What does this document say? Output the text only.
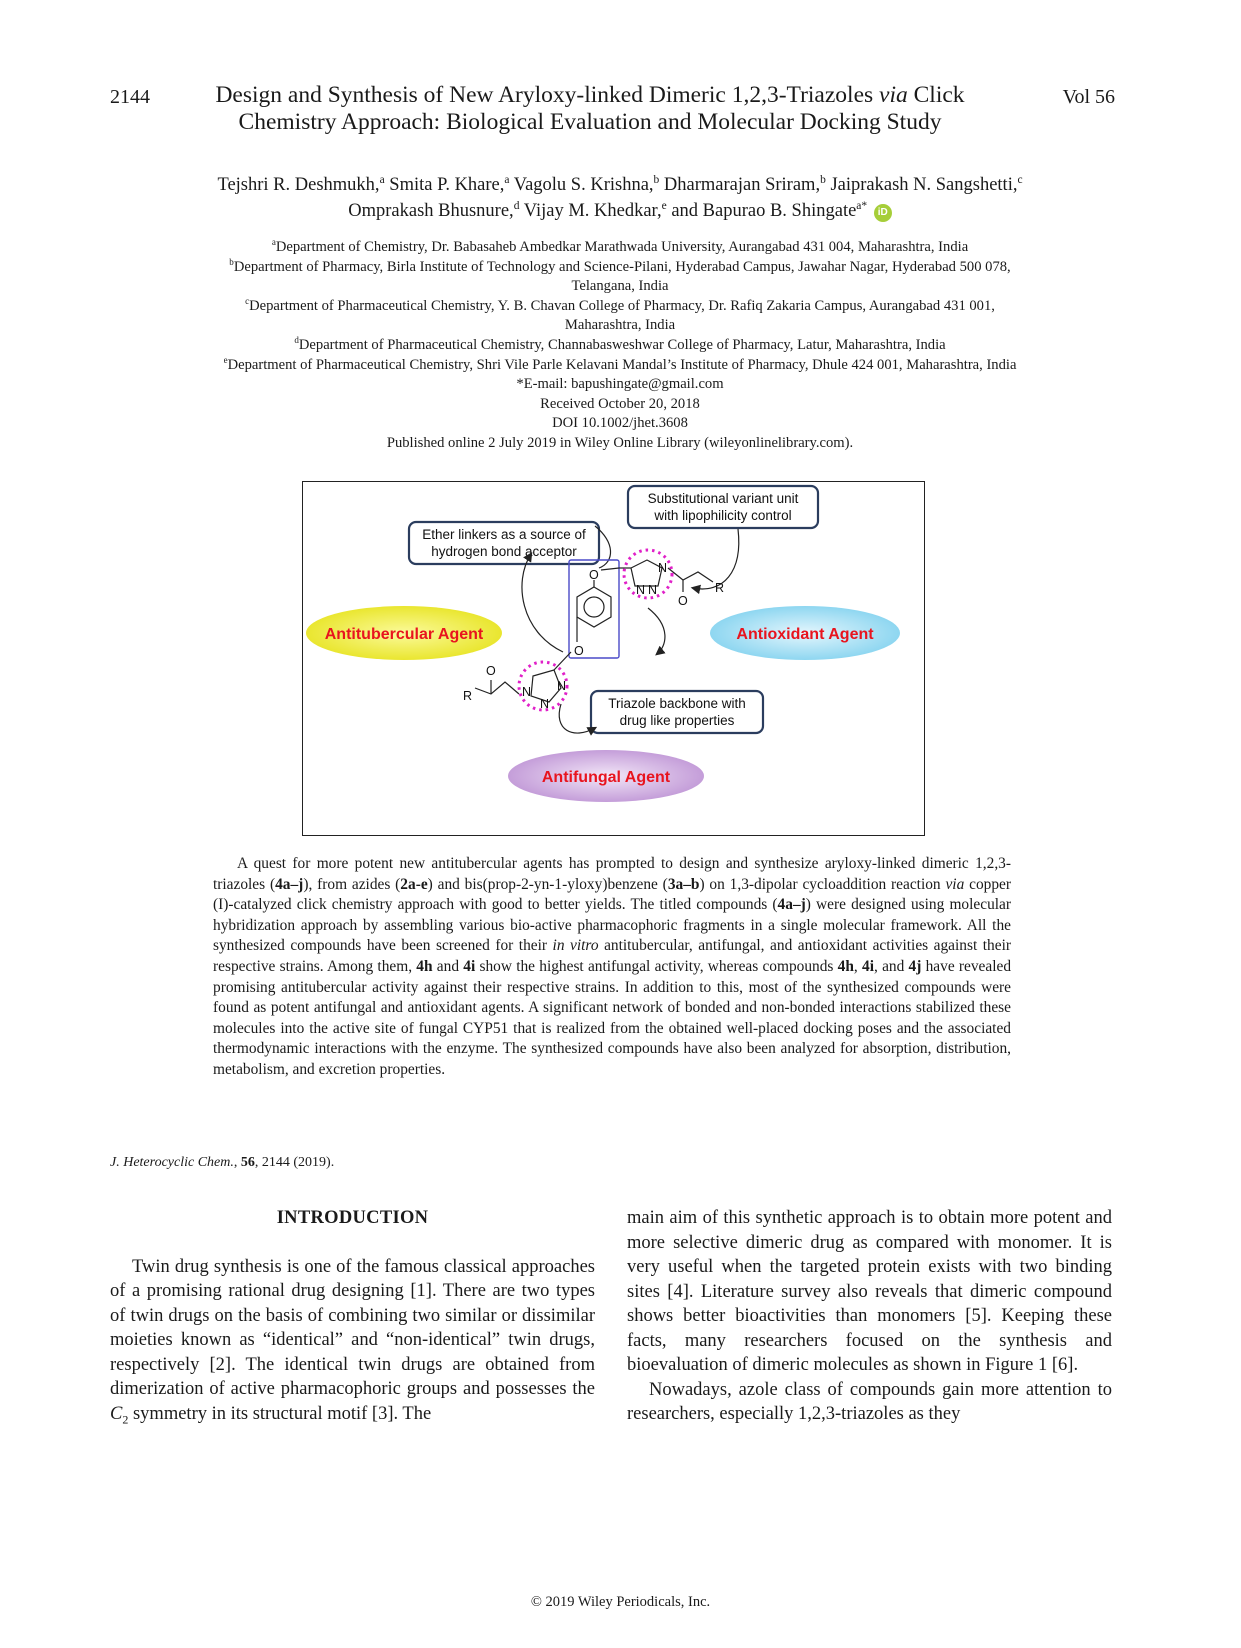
2144	Vol 56
Design and Synthesis of New Aryloxy-linked Dimeric 1,2,3-Triazoles via Click Chemistry Approach: Biological Evaluation and Molecular Docking Study
Tejshri R. Deshmukh,$^a$ Smita P. Khare,$^a$ Vagolu S. Krishna,$^b$ Dharmarajan Sriram,$^b$ Jaiprakash N. Sangshetti,$^c$
Omprakash Bhusnure,$^d$ Vijay M. Khedkar,$^e$ and Bapurao B. Shingate$^{a*}$ iD

$^a$Department of Chemistry, Dr. Babasaheb Ambedkar Marathwada University, Aurangabad 431 004, Maharashtra, India

$^b$Department of Pharmacy, Birla Institute of Technology and Science-Pilani, Hyderabad Campus, Jawahar Nagar, Hyderabad 500 078, Telangana, India

$^c$Department of Pharmaceutical Chemistry, Y. B. Chavan College of Pharmacy, Dr. Rafiq Zakaria Campus, Aurangabad 431 001, Maharashtra, India

$^d$Department of Pharmaceutical Chemistry, Channabasweshwar College of Pharmacy, Latur, Maharashtra, India

$^e$Department of Pharmaceutical Chemistry, Shri Vile Parle Kelavani Mandal’s Institute of Pharmacy, Dhule 424 001, Maharashtra, India

*E-mail: bapushingate@gmail.com

Received October 20, 2018

DOI 10.1002/jhet.3608

Published online 2 July 2019 in Wiley Online Library (wileyonlinelibrary.com).

Substitutional variant unit
with lipophilicity control
Ether linkers as a source of
hydrogen bond acceptor
Triazole backbone with
drug like properties
Antitubercular Agent	Antioxidant Agent
Antifungal Agent
O	N
N N
O
R
O
N
N
N
O
R
A quest for more potent new antitubercular agents has prompted to design and synthesize aryloxy-linked dimeric 1,2,3-triazoles (4a–j), from azides (2a-e) and bis(prop-2-yn-1-yloxy)benzene (3a–b) on 1,3-dipolar cycloaddition reaction via copper (I)-catalyzed click chemistry approach with good to better yields. The titled compounds (4a–j) were designed using molecular hybridization approach by assembling various bio-active pharmacophoric fragments in a single molecular framework. All the synthesized compounds have been screened for their in vitro antitubercular, antifungal, and antioxidant activities against their respective strains. Among them, 4h and 4i show the highest antifungal activity, whereas compounds 4h, 4i, and 4j have revealed promising antitubercular activity against their respective strains. In addition to this, most of the synthesized compounds were found as potent antifungal and antioxidant agents. A significant network of bonded and non-bonded interactions stabilized these molecules into the active site of fungal CYP51 that is realized from the obtained well-placed docking poses and the associated thermodynamic interactions with the enzyme. The synthesized compounds have also been analyzed for absorption, distribution, metabolism, and excretion properties.
J. Heterocyclic Chem., 56, 2144 (2019).

INTRODUCTION

Twin drug synthesis is one of the famous classical approaches of a promising rational drug designing [1]. There are two types of twin drugs on the basis of combining two similar or dissimilar moieties known as “identical” and “non-identical” twin drugs, respectively [2]. The identical twin drugs are obtained from dimerization of active pharmacophoric groups and possesses the $C_2$ symmetry in its structural motif [3]. The

main aim of this synthetic approach is to obtain more potent and more selective dimeric drug as compared with monomer. It is very useful when the targeted protein exists with two binding sites [4]. Literature survey also reveals that dimeric compound shows better bioactivities than monomers [5]. Keeping these facts, many researchers focused on the synthesis and bioevaluation of dimeric molecules as shown in Figure 1 [6].

Nowadays, azole class of compounds gain more attention to researchers, especially 1,2,3-triazoles as they

© 2019 Wiley Periodicals, Inc.
